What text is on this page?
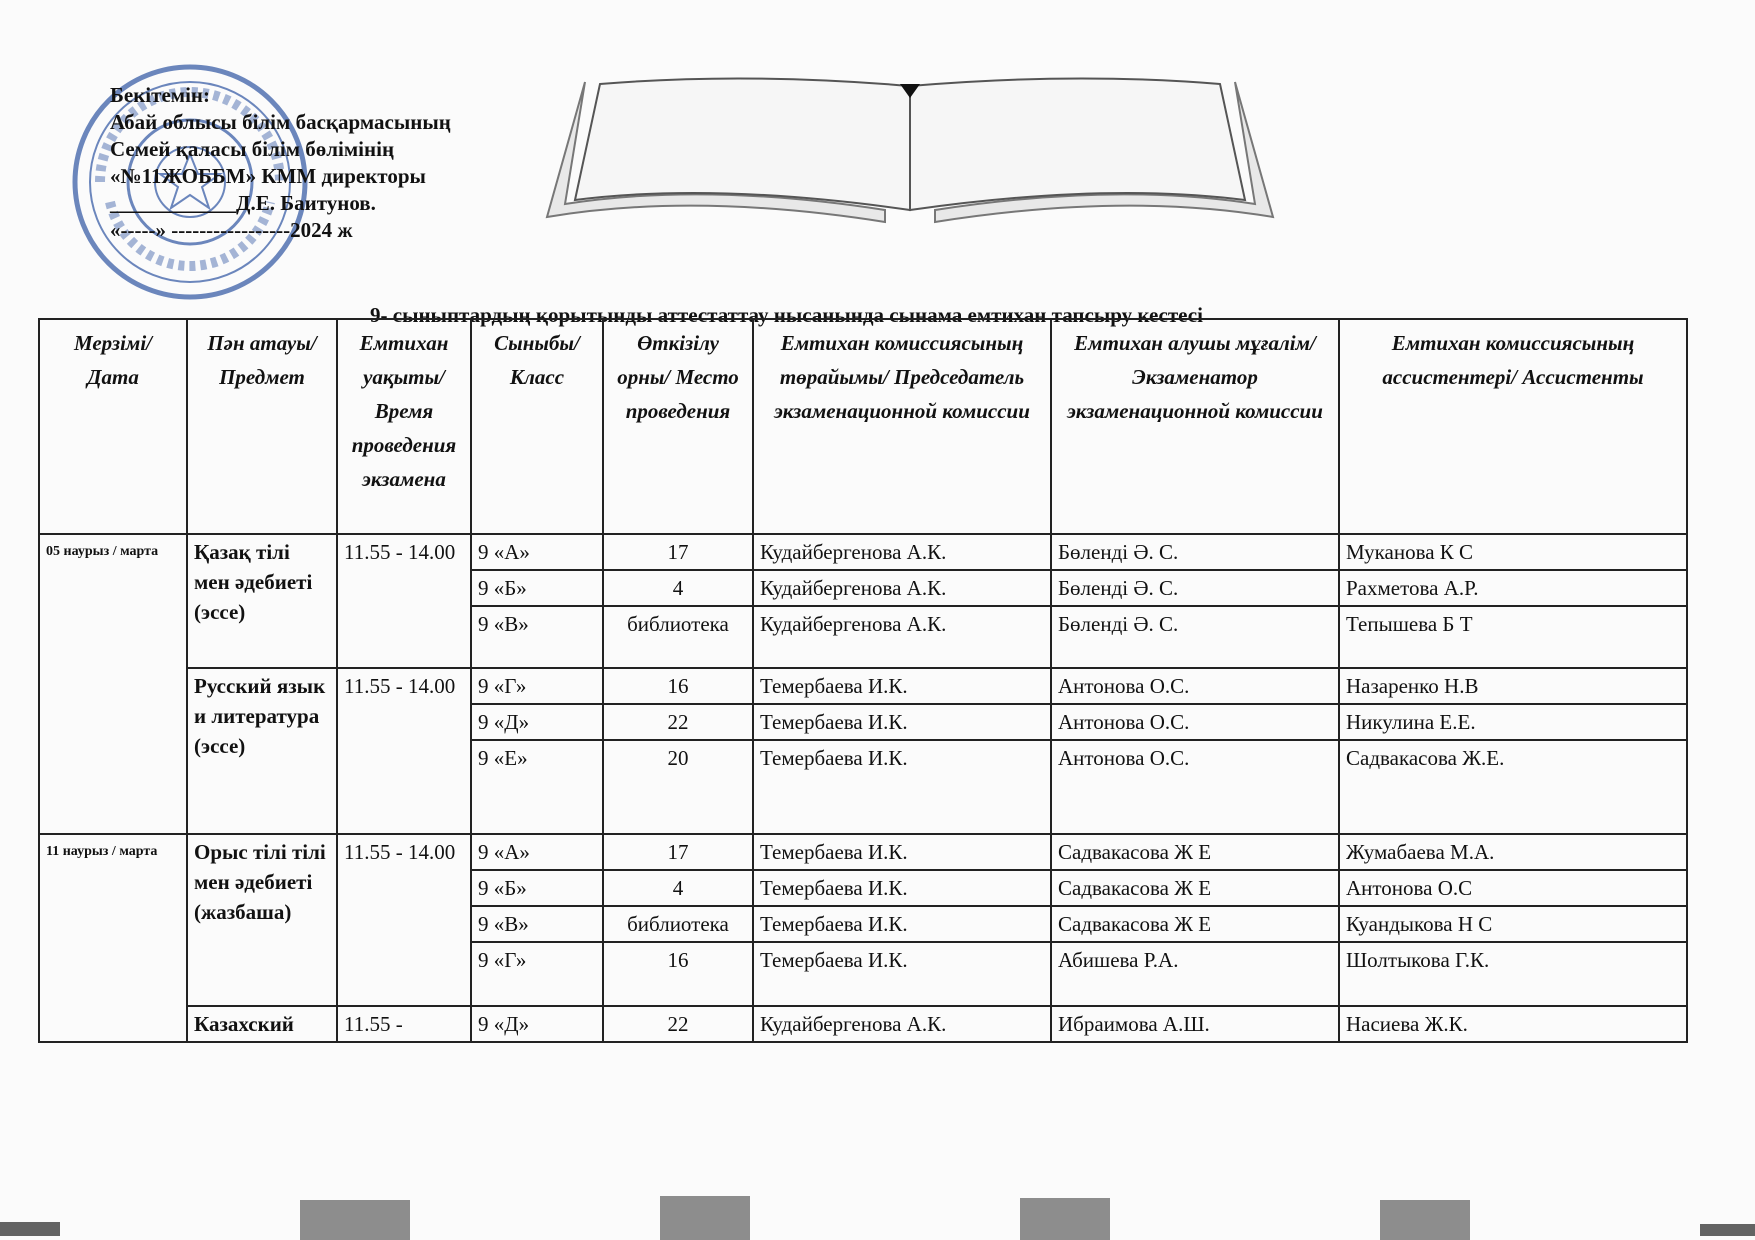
Бекітемін:
Абай облысы білім басқармасының
Семей қаласы білім бөлімінің
«№11ЖОББМ» КММ директоры
____________Д.Е. Баитунов.
«-----» -----------------2024 ж
9- сыныптардың қорытынды аттестаттау нысанында сынама емтихан тапсыру кестесі
Мерзімі/ Дата	Пән атауы/ Предмет	Емтихан уақыты/ Время проведения экзамена	Сыныбы/ Класс	Өткізілу орны/ Место проведения	Емтихан комиссиясының төрайымы/ Председатель экзаменационной комиссии	Емтихан алушы мұғалім/ Экзаменатор экзаменационной комиссии	Емтихан комиссиясының ассистентері/ Ассистенты
05 наурыз / марта	Қазақ тілі мен әдебиеті (эссе)	11.55 - 14.00	9 «А»	17	Кудайбергенова А.К.	Бөленді Ә. С.	Муканова К С
			9 «Б»	4	Кудайбергенова А.К.	Бөленді Ә. С.	Рахметова А.Р.
			9 «В»	библиотека	Кудайбергенова А.К.	Бөленді Ә. С.	Тепышева Б Т
	Русский язык и литература (эссе)	11.55 - 14.00	9 «Г»	16	Темербаева И.К.	Антонова О.С.	Назаренко Н.В
			9 «Д»	22	Темербаева И.К.	Антонова О.С.	Никулина Е.Е.
			9 «Е»	20	Темербаева И.К.	Антонова О.С.	Садвакасова Ж.Е.
11 наурыз / марта	Орыс тілі тілі мен әдебиеті (жазбаша)	11.55 - 14.00	9 «А»	17	Темербаева И.К.	Садвакасова Ж Е	Жумабаева М.А.
			9 «Б»	4	Темербаева И.К.	Садвакасова Ж Е	Антонова О.С
			9 «В»	библиотека	Темербаева И.К.	Садвакасова Ж Е	Куандыкова Н С
			9 «Г»	16	Темербаева И.К.	Абишева Р.А.	Шолтыкова Г.К.
	Казахский	11.55 -	9 «Д»	22	Кудайбергенова А.К.	Ибраимова А.Ш.	Насиева Ж.К.
